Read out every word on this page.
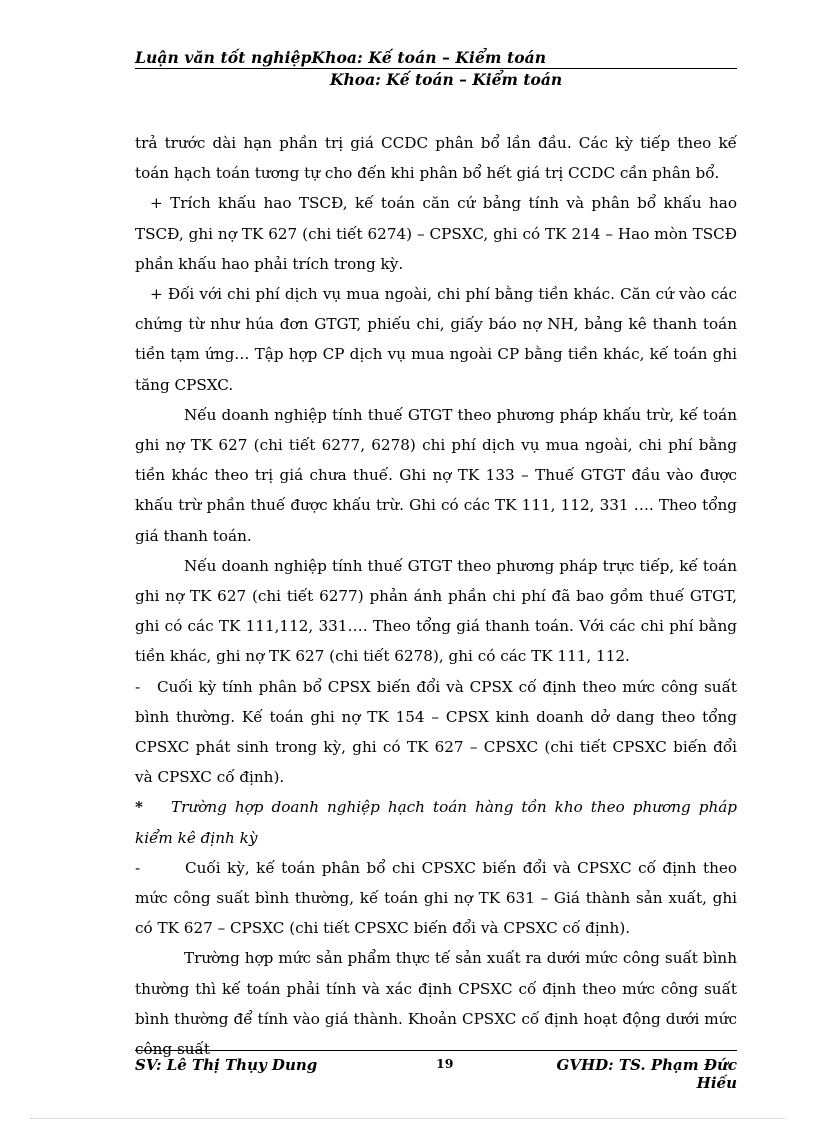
Luận văn tốt nghiệpKhoa: Kế toán – Kiểm toán
Khoa: Kế toán – Kiểm toán

trả trước dài hạn phần trị giá CCDC phân bổ lần đầu. Các kỳ tiếp theo kế toán hạch toán tương tự cho đến khi phân bổ hết giá trị CCDC cần phân bổ.

+ Trích khấu hao TSCĐ, kế toán căn cứ bảng tính và phân bổ khấu hao TSCĐ, ghi nợ TK 627 (chi tiết 6274) – CPSXC, ghi có TK 214 – Hao mòn TSCĐ phần khấu hao phải trích trong kỳ.

+ Đối với chi phí dịch vụ mua ngoài, chi phí bằng tiền khác. Căn cứ vào các chứng từ như húa đơn GTGT, phiếu chi, giấy báo nợ NH, bảng kê thanh toán tiền tạm ứng… Tập hợp CP dịch vụ mua ngoài CP bằng tiền khác, kế toán ghi tăng CPSXC.

Nếu doanh nghiệp tính thuế GTGT theo phương pháp khấu trừ, kế toán ghi nợ TK 627 (chi tiết 6277, 6278) chi phí dịch vụ mua ngoài, chi phí bằng tiền khác theo trị giá chưa thuế. Ghi nợ TK 133 – Thuế GTGT đầu vào được khấu trừ phần thuế được khấu trừ. Ghi có các TK 111, 112, 331 …. Theo tổng giá thanh toán.

Nếu doanh nghiệp tính thuế GTGT theo phương pháp trực tiếp, kế toán ghi nợ TK 627 (chi tiết 6277) phản ánh phần chi phí đã bao gồm thuế GTGT, ghi có các TK 111,112, 331…. Theo tổng giá thanh toán. Với các chi phí bằng tiền khác, ghi nợ TK 627 (chi tiết 6278), ghi có các TK 111, 112.

- Cuối kỳ tính phân bổ CPSX biến đổi và CPSX cố định theo mức công suất bình thường. Kế toán ghi nợ TK 154 – CPSX kinh doanh dở dang theo tổng CPSXC phát sinh trong kỳ, ghi có TK 627 – CPSXC (chi tiết CPSXC biến đổi và CPSXC cố định).

* Trường hợp doanh nghiệp hạch toán hàng tồn kho theo phương pháp kiểm kê định kỳ

-	Cuối kỳ, kế toán phân bổ chi CPSXC biến đổi và CPSXC cố định theo mức công suất bình thường, kế toán ghi nợ TK 631 – Giá thành sản xuất, ghi có TK 627 – CPSXC (chi tiết CPSXC biến đổi và CPSXC cố định).

Trường hợp mức sản phẩm thực tế sản xuất ra dưới mức công suất bình thường thì kế toán phải tính và xác định CPSXC cố định theo mức công suất bình thường để tính vào giá thành. Khoản CPSXC cố định hoạt động dưới mức công suất

SV: Lê Thị Thụy Dung	19	GVHD: TS. Phạm Đức Hiếu
